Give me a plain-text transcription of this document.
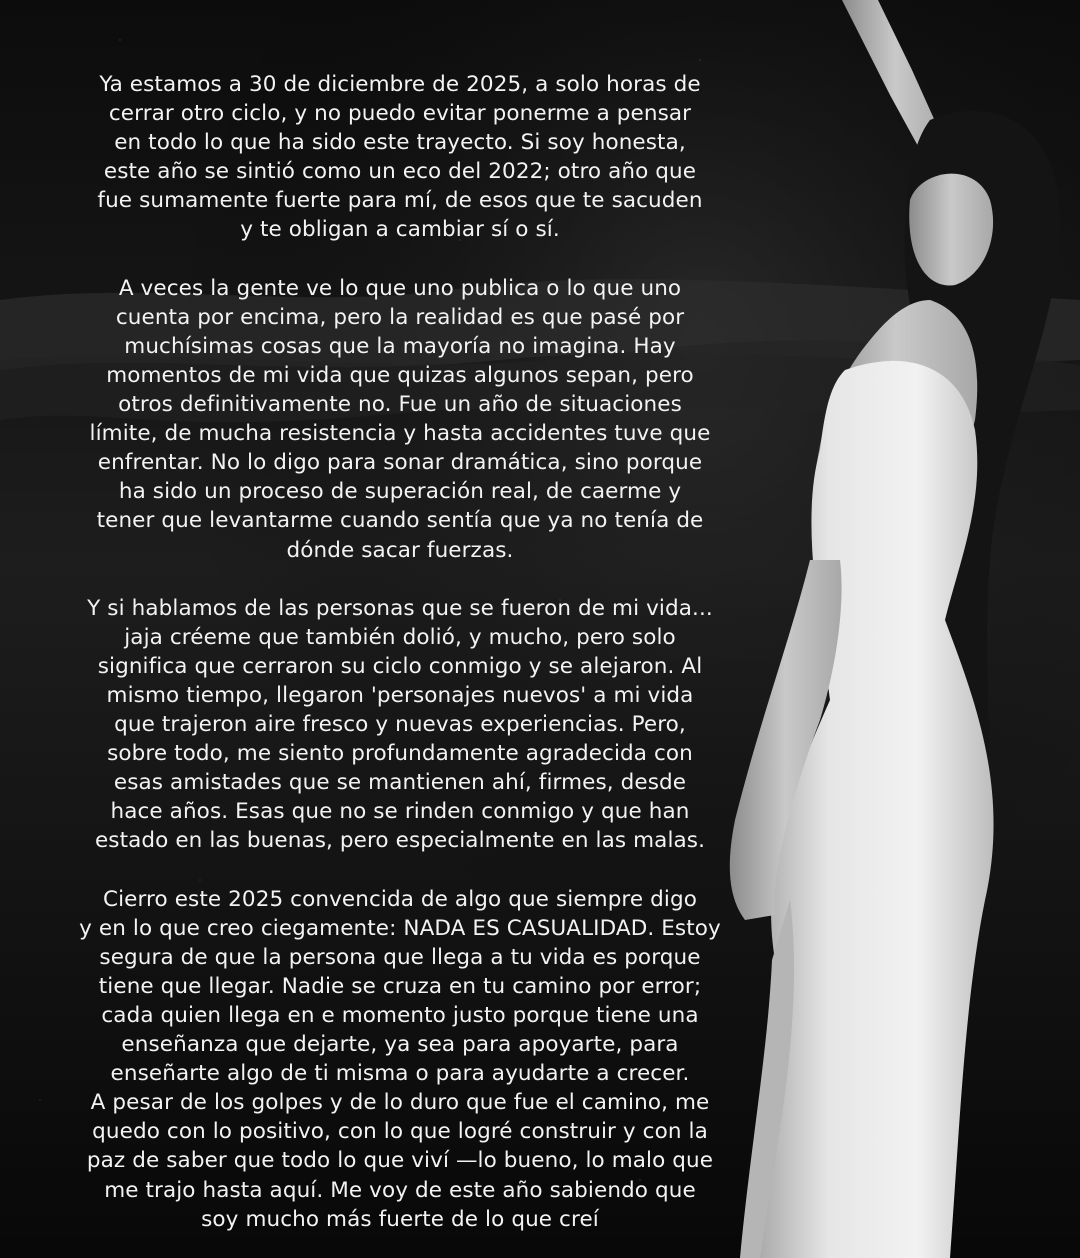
Ya estamos a 30 de diciembre de 2025, a solo horas de
cerrar otro ciclo, y no puedo evitar ponerme a pensar
en todo lo que ha sido este trayecto. Si soy honesta,
este año se sintió como un eco del 2022; otro año que
fue sumamente fuerte para mí, de esos que te sacuden
y te obligan a cambiar sí o sí.

A veces la gente ve lo que uno publica o lo que uno
cuenta por encima, pero la realidad es que pasé por
muchísimas cosas que la mayoría no imagina. Hay
momentos de mi vida que quizas algunos sepan, pero
otros definitivamente no. Fue un año de situaciones
límite, de mucha resistencia y hasta accidentes tuve que
enfrentar. No lo digo para sonar dramática, sino porque
ha sido un proceso de superación real, de caerme y
tener que levantarme cuando sentía que ya no tenía de
dónde sacar fuerzas.

Y si hablamos de las personas que se fueron de mi vida...
jaja créeme que también dolió, y mucho, pero solo
significa que cerraron su ciclo conmigo y se alejaron. Al
mismo tiempo, llegaron 'personajes nuevos' a mi vida
que trajeron aire fresco y nuevas experiencias. Pero,
sobre todo, me siento profundamente agradecida con
esas amistades que se mantienen ahí, firmes, desde
hace años. Esas que no se rinden conmigo y que han
estado en las buenas, pero especialmente en las malas.

Cierro este 2025 convencida de algo que siempre digo
y en lo que creo ciegamente: NADA ES CASUALIDAD. Estoy
segura de que la persona que llega a tu vida es porque
tiene que llegar. Nadie se cruza en tu camino por error;
cada quien llega en e momento justo porque tiene una
enseñanza que dejarte, ya sea para apoyarte, para
enseñarte algo de ti misma o para ayudarte a crecer.
A pesar de los golpes y de lo duro que fue el camino, me
quedo con lo positivo, con lo que logré construir y con la
paz de saber que todo lo que viví —lo bueno, lo malo que
me trajo hasta aquí. Me voy de este año sabiendo que
soy mucho más fuerte de lo que creí
